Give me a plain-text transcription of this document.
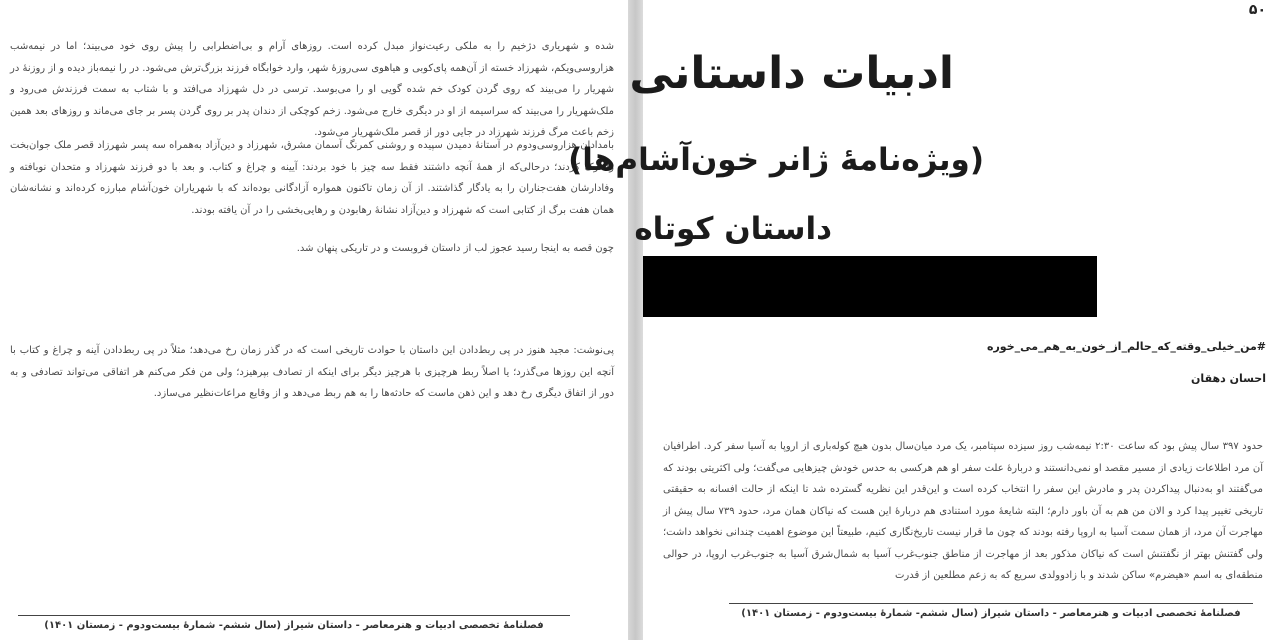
شده و شهریاری دژخیم را به ملکی رعیت‌نواز مبدل کرده است. روزهای آرام و بی‌اضطرابی را پیش روی خود می‌بیند؛ اما در نیمه‌شب هزاروسی‌ویکم، شهرزاد خسته از آن‌همه پای‌کوبی و هیاهوی سی‌روزهٔ شهر، وارد خوابگاه فرزند بزرگ‌ترش می‌شود. در را نیمه‌باز دیده و از روزنهٔ در شهریار را می‌بیند که روی گردن کودک خم شده گویی او را می‌بوسد. ترسی در دل شهرزاد می‌افتد و با شتاب به سمت فرزندش می‌رود و ملک‌شهریار را می‌بیند که سراسیمه از او در دیگری خارج می‌شود. زخم کوچکی از دندان پدر بر روی گردن پسر بر جای می‌ماند و روزهای بعد همین زخم باعث مرگ فرزند شهرزاد در جایی دور از قصر ملک‌شهریار می‌شود.

بامدادان هزاروسی‌ودوم در آستانهٔ دمیدن سپیده و روشنی کمرنگ آسمان مشرق، شهرزاد و دین‌آزاد به‌همراه سه پسر شهرزاد قصر ملک جوان‌بخت را ترک کردند؛ درحالی‌که از همهٔ آنچه داشتند فقط سه چیز با خود بردند: آیینه و چراغ و کتاب. و بعد با دو فرزند شهرزاد و متحدان نوبافته و وفادارشان هفت‌جناران را به یادگار گذاشتند. از آن زمان تاکنون همواره آزادگانی بوده‌اند که با شهریاران خون‌آشام مبارزه کرده‌اند و نشانه‌شان همان هفت برگ از کتابی است که شهرزاد و دین‌آزاد نشانهٔ رهابودن و رهایی‌بخشی را در آن یافته بودند.

چون قصه به اینجا رسید عجوز لب از داستان فروبست و در تاریکی پنهان شد.

پی‌نوشت: مجید هنوز در پی ربط‌دادن این داستان با حوادث تاریخی است که در گذر زمان رخ می‌دهد؛ مثلاً در پی ربط‌دادن آینه و چراغ و کتاب با آنچه این روزها می‌گذرد؛ یا اصلاً ربط هرچیزی با هرچیز دیگر برای اینکه از تصادف بپرهیزد؛ ولی من فکر می‌کنم هر اتفاقی می‌تواند تصادفی و به دور از اتفاق دیگری رخ دهد و این ذهن ماست که حادثه‌ها را به هم ربط می‌دهد و از وقایع مراعات‌نظیر می‌سازد.

فصلنامهٔ تخصصی ادبیات و هنرمعاصر - داستان شیراز (سال ششم- شمارهٔ بیست‌ودوم - زمستان ۱۴۰۱)
۵۰
ادبیات داستانی
(ویژه‌نامهٔ ژانر خون‌آشام‌ها)
داستان کوتاه
#من_خیلی_وقته_که_حالم_از_خون_به_هم_می_خوره
احسان دهقان

حدود ۳۹۷ سال پیش بود که ساعت ۲:۳۰ نیمه‌شب روز سیزده سپتامبر، یک مرد میان‌سال بدون هیچ کوله‌باری از اروپا به آسیا سفر کرد. اطرافیان آن مرد اطلاعات زیادی از مسیر مقصد او نمی‌دانستند و دربارهٔ علت سفر او هم هرکسی به حدس خودش چیزهایی می‌گفت؛ ولی اکثریتی بودند که می‌گفتند او به‌دنبال پیداکردن پدر و مادرش این سفر را انتخاب کرده است و این‌قدر این نظریه گسترده شد تا اینکه از حالت افسانه به حقیقتی تاریخی تغییر پیدا کرد و الان من هم به آن باور دارم؛ البته شایعهٔ مورد استنادی هم دربارهٔ این هست که نیاکان همان مرد، حدود ۷۳۹ سال پیش از مهاجرت آن مرد، از همان سمت آسیا به اروپا رفته بودند که چون ما قرار نیست تاریخ‌نگاری کنیم، طبیعتاً این موضوع اهمیت چندانی نخواهد داشت؛ ولی گفتنش بهتر از نگفتنش است که نیاکان مذکور بعد از مهاجرت از مناطق جنوب‌غرب آسیا به شمال‌شرق آسیا به جنوب‌غرب اروپا، در حوالی منطقه‌ای به اسم «هیضرم» ساکن شدند و با زادوولدی سریع که به زعم مطلعین از قدرت

فصلنامهٔ تخصصی ادبیات و هنرمعاصر - داستان شیراز (سال ششم- شمارهٔ بیست‌ودوم - زمستان ۱۴۰۱)
